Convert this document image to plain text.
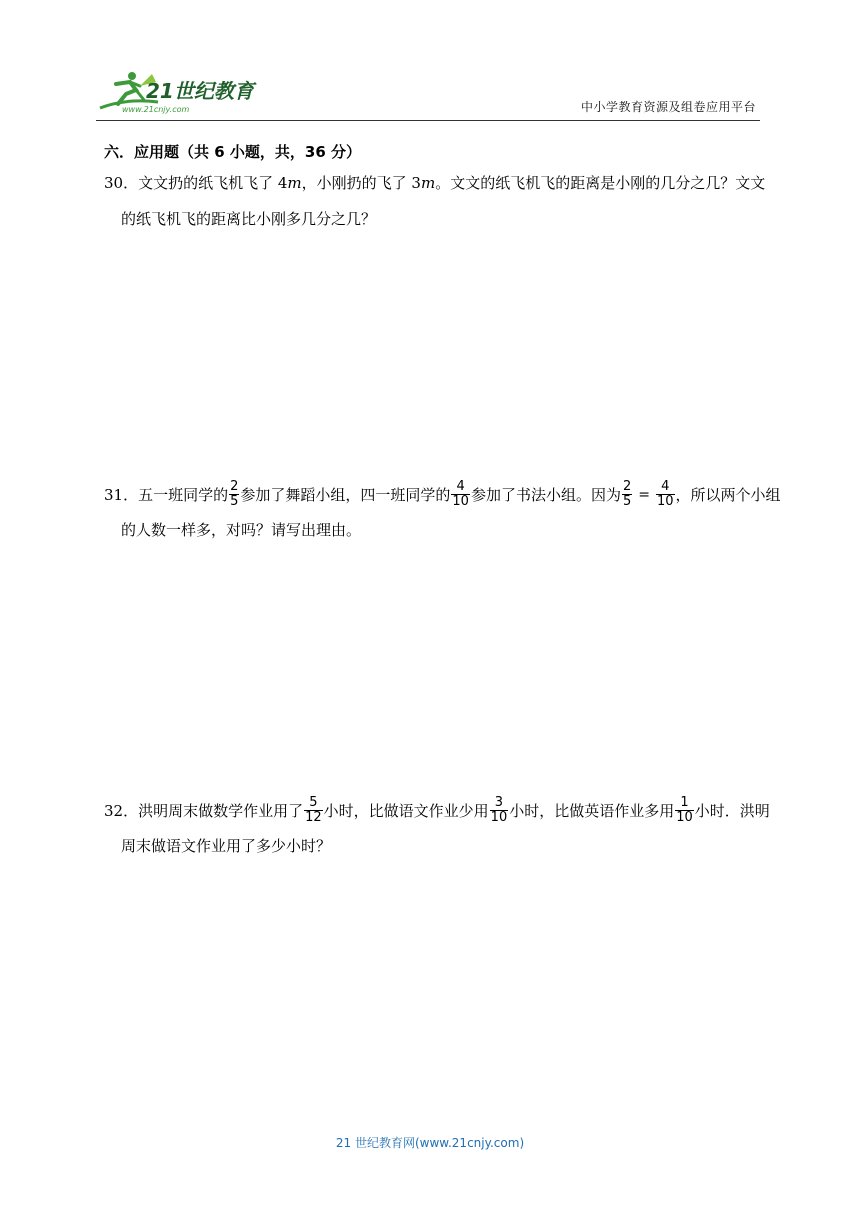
21世纪教育
www.21cnjy.com	中小学教育资源及组卷应用平台
六．应用题（共 6 小题，共，36 分）
30． 文文扔的纸飞机飞了 4 m ，小刚扔的飞了 3 m 。文文的纸飞机飞的距离是小刚的几分之几？文文
的纸飞机飞的距离比小刚多几分之几？
31． 五一班同学的 $\frac{2}{5}$ 参加了舞蹈小组，四一班同学的 $\frac{4}{10}$ 参加了书法小组。因为 $\frac{2}{5} = \frac{4}{10}$ ，所以两个小组
的人数一样多，对吗？请写出理由。
32． 洪明周末做数学作业用了 $\frac{5}{12}$ 小时，比做语文作业少用 $\frac{3}{10}$ 小时，比做英语作业多用 $\frac{1}{10}$ 小时．洪明
周末做语文作业用了多少小时？
21 世纪教育网(www.21cnjy.com)
